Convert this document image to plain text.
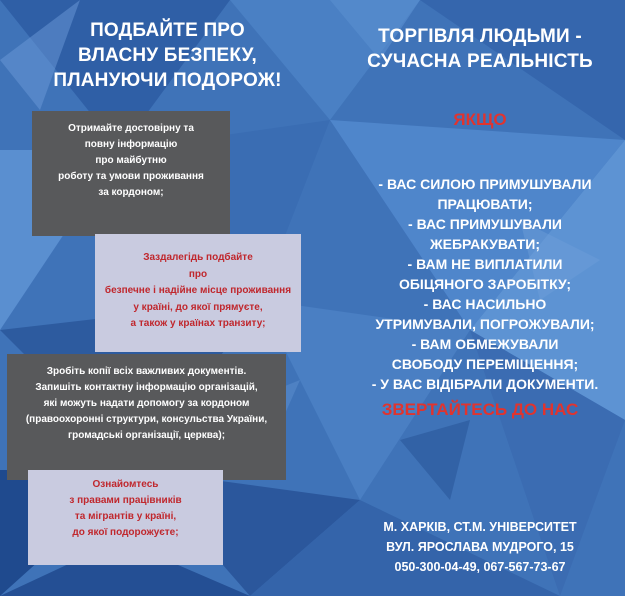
ПОДБАЙТЕ ПРО
ВЛАСНУ БЕЗПЕКУ,
ПЛАНУЮЧИ ПОДОРОЖ!
Отримайте достовірну та
повну інформацію
про майбутню
роботу та умови проживання
за кордоном;
Заздалегідь подбайте
про
безпечне і надійне місце проживання
у країні, до якої прямуєте,
а також у країнах транзиту;
Зробіть копії всіх важливих документів.
Запишіть контактну інформацію організацій,
які можуть надати допомогу за кордоном
(правоохоронні структури, консульства України,
громадські організації, церква);
Ознайомтесь
з правами працівників
та мігрантів у країні,
до якої подорожуєте;
ТОРГІВЛЯ ЛЮДЬМИ -
СУЧАСНА РЕАЛЬНІСТЬ
ЯКЩО
- ВАС СИЛОЮ ПРИМУШУВАЛИ
ПРАЦЮВАТИ;
- ВАС ПРИМУШУВАЛИ
ЖЕБРАКУВАТИ;
- ВАМ НЕ ВИПЛАТИЛИ
ОБІЦЯНОГО ЗАРОБІТКУ;
- ВАС НАСИЛЬНО
УТРИМУВАЛИ, ПОГРОЖУВАЛИ;
- ВАМ ОБМЕЖУВАЛИ
СВОБОДУ ПЕРЕМІЩЕННЯ;
- У ВАС ВІДІБРАЛИ ДОКУМЕНТИ.
ЗВЕРТАЙТЕСЬ ДО НАС
М. ХАРКІВ, СТ.М. УНІВЕРСИТЕТ
ВУЛ. ЯРОСЛАВА МУДРОГО, 15
050-300-04-49, 067-567-73-67
